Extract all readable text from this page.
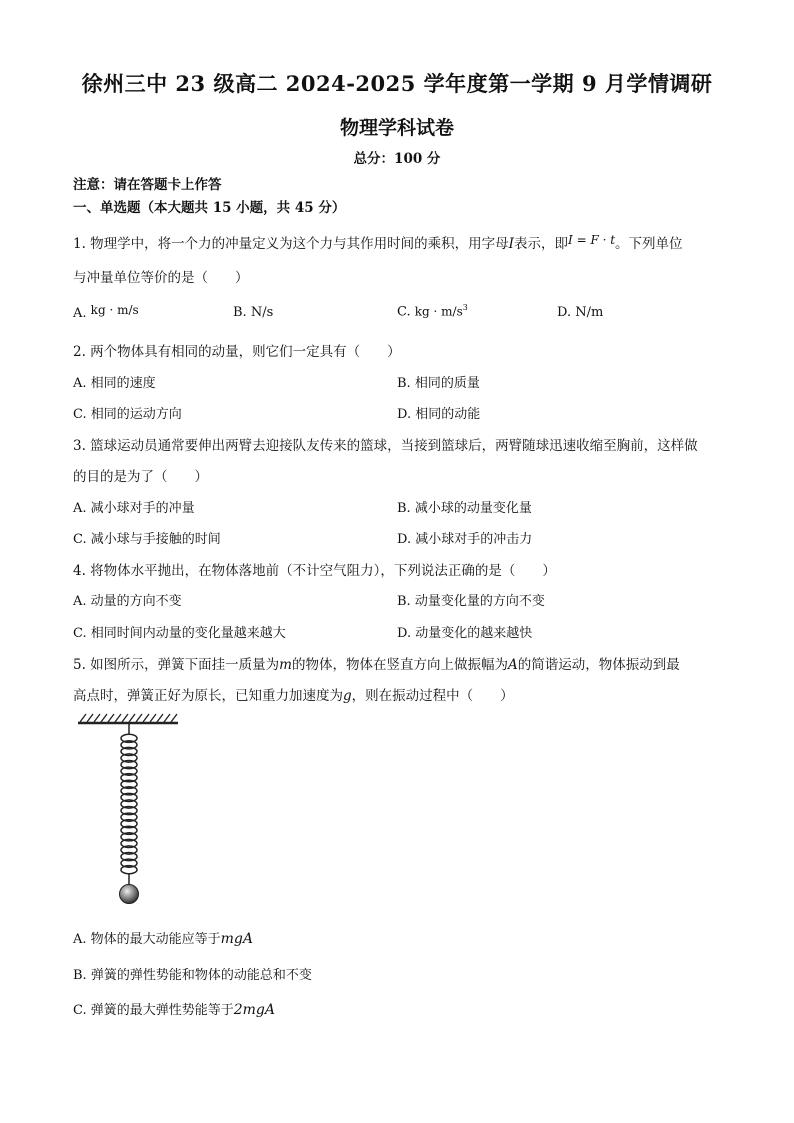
徐州三中 23 级高二 2024-2025 学年度第一学期 9 月学情调研
物理学科试卷
总分：100 分
注意：请在答题卡上作答
一、单选题（本大题共 15 小题，共 45 分）
1. 物理学中，将一个力的冲量定义为这个力与其作用时间的乘积，用字母I表示，即I = F · t。下列单位
与冲量单位等价的是（　　）
A. kg · m/s	B. N/s	C. kg · $m/s^3$	D. N/m
2. 两个物体具有相同的动量，则它们一定具有（　　）
A. 相同的速度	B. 相同的质量
C. 相同的运动方向	D. 相同的动能
3. 篮球运动员通常要伸出两臂去迎接队友传来的篮球，当接到篮球后，两臂随球迅速收缩至胸前，这样做
的目的是为了（　　）
A. 减小球对手的冲量	B. 减小球的动量变化量
C. 减小球与手接触的时间	D. 减小球对手的冲击力
4. 将物体水平抛出，在物体落地前（不计空气阻力），下列说法正确的是（　　）
A. 动量的方向不变	B. 动量变化量的方向不变
C. 相同时间内动量的变化量越来越大	D. 动量变化的越来越快
5. 如图所示，弹簧下面挂一质量为m的物体，物体在竖直方向上做振幅为A的简谐运动，物体振动到最
高点时，弹簧正好为原长，已知重力加速度为g，则在振动过程中（　　）
A. 物体的最大动能应等于mgA
B. 弹簧的弹性势能和物体的动能总和不变
C. 弹簧的最大弹性势能等于2mgA
